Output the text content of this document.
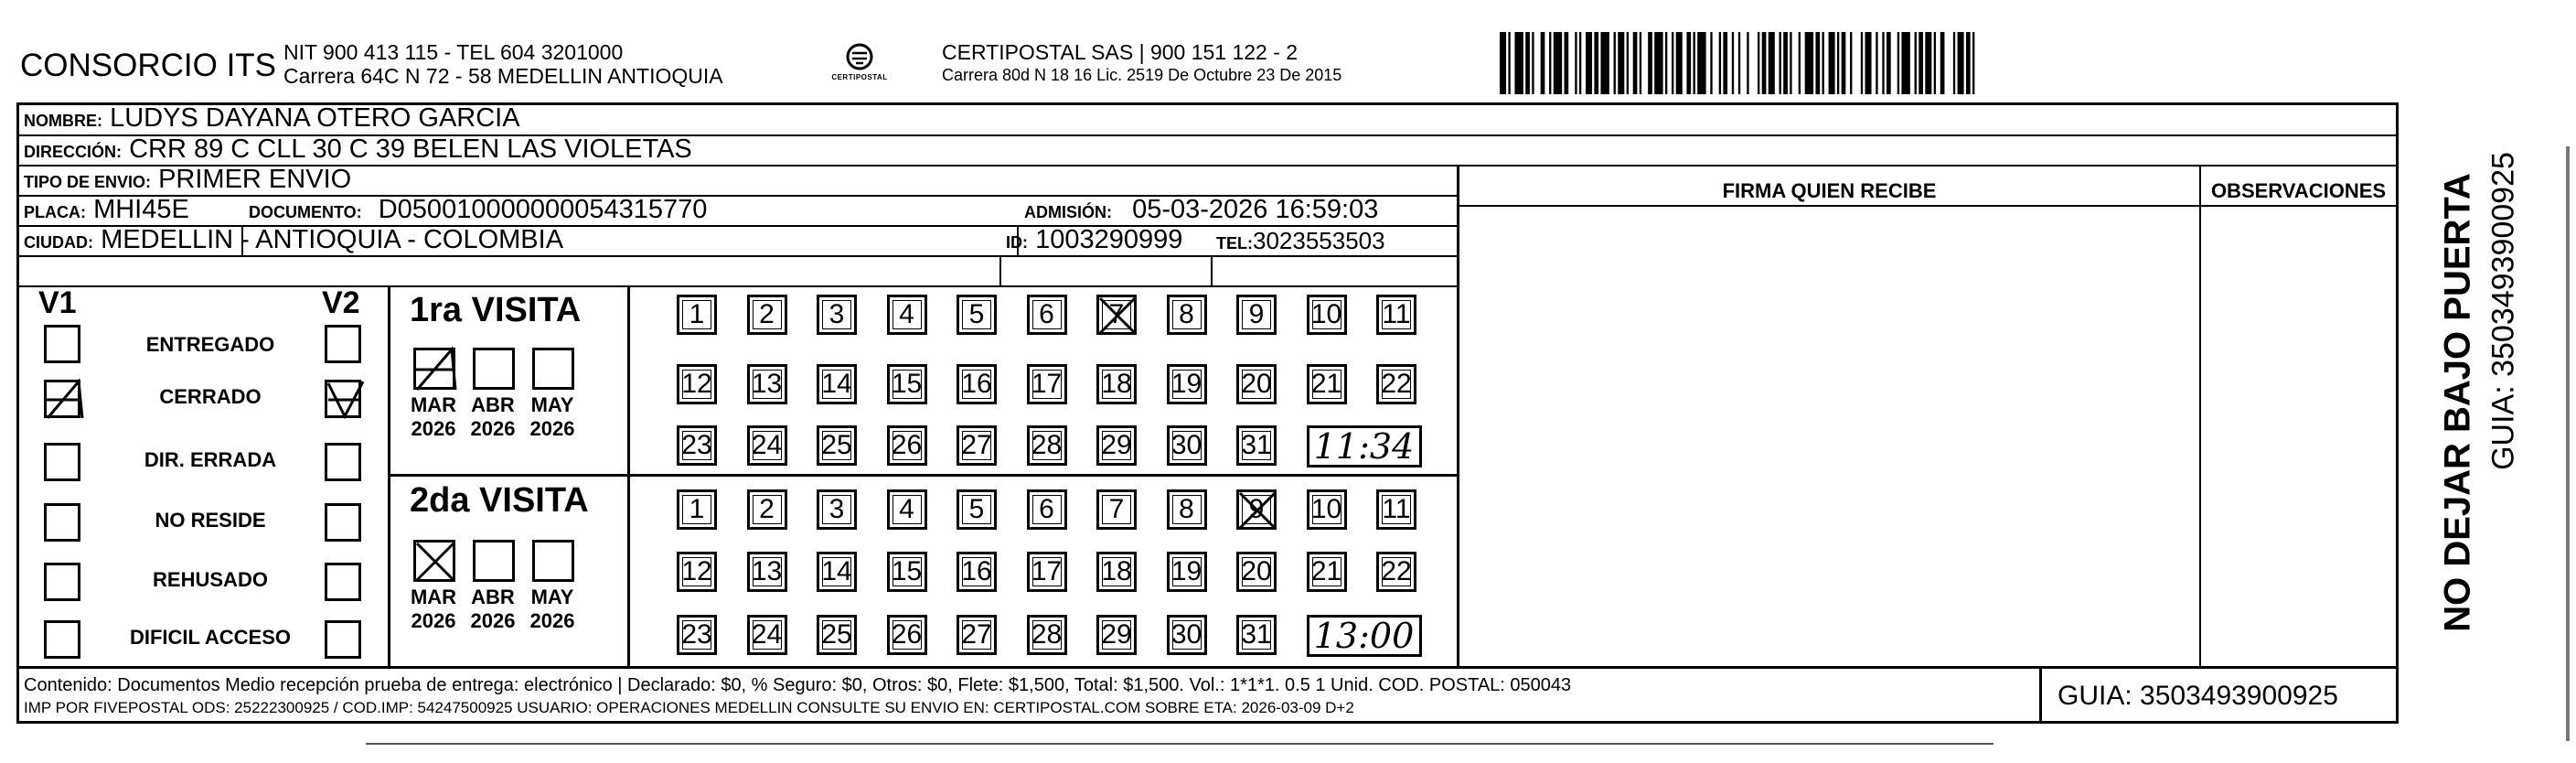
CONSORCIO ITS NIT 900 413 115 - TEL 604 3201000
Carrera 64C N 72 - 58 MEDELLIN ANTIOQUIA	CERTIPOSTAL
CERTIPOSTAL SAS | 900 151 122 - 2
Carrera 80d N 18 16 Lic. 2519 De Octubre 23 De 2015
NOMBRE: LUDYS DAYANA OTERO GARCIA
DIRECCIÓN: CRR 89 C CLL 30 C 39 BELEN LAS VIOLETAS
TIPO DE ENVIO: PRIMER ENVIO
PLACA: MHI45E	DOCUMENTO: D050010000000054315770	ADMISIÓN: 05-03-2026 16:59:03
CIUDAD: MEDELLIN - ANTIOQUIA - COLOMBIA	ID: 1003290999 TEL:3023553503
FIRMA QUIEN RECIBE	OBSERVACIONES
V1	V2 1ra VISITA
2da VISITA
Contenido: Documentos Medio recepción prueba de entrega: electrónico | Declarado: $0, % Seguro: $0, Otros: $0, Flete: $1,500, Total: $1,500. Vol.: 1*1*1. 0.5 1 Unid. COD. POSTAL: 050043
IMP POR FIVEPOSTAL ODS: 25222300925 / COD.IMP: 54247500925 USUARIO: OPERACIONES MEDELLIN CONSULTE SU ENVIO EN: CERTIPOSTAL.COM SOBRE ETA: 2026-03-09 D+2	GUIA: 3503493900925
NO DEJAR BAJO PUERTA GUIA: 3503493900925
ENTREGADO
CERRADO
DIR. ERRADA
NO RESIDE
REHUSADO
DIFICIL ACCESO
MAR
2026
ABR
2026
MAY
2026
MAR
2026
ABR
2026
MAY
2026
1	2	3	4	5	6	7	8	9	10 11
12 13 14 15 16 17 18 19 20 21 22
23 24 25 26 27 28 29 30 31 11:34
1	2	3	4	5	6	7	8	9	10 11
12 13 14 15 16 17 18 19 20 21 22
23 24 25 26 27 28 29 30 31 13:00
